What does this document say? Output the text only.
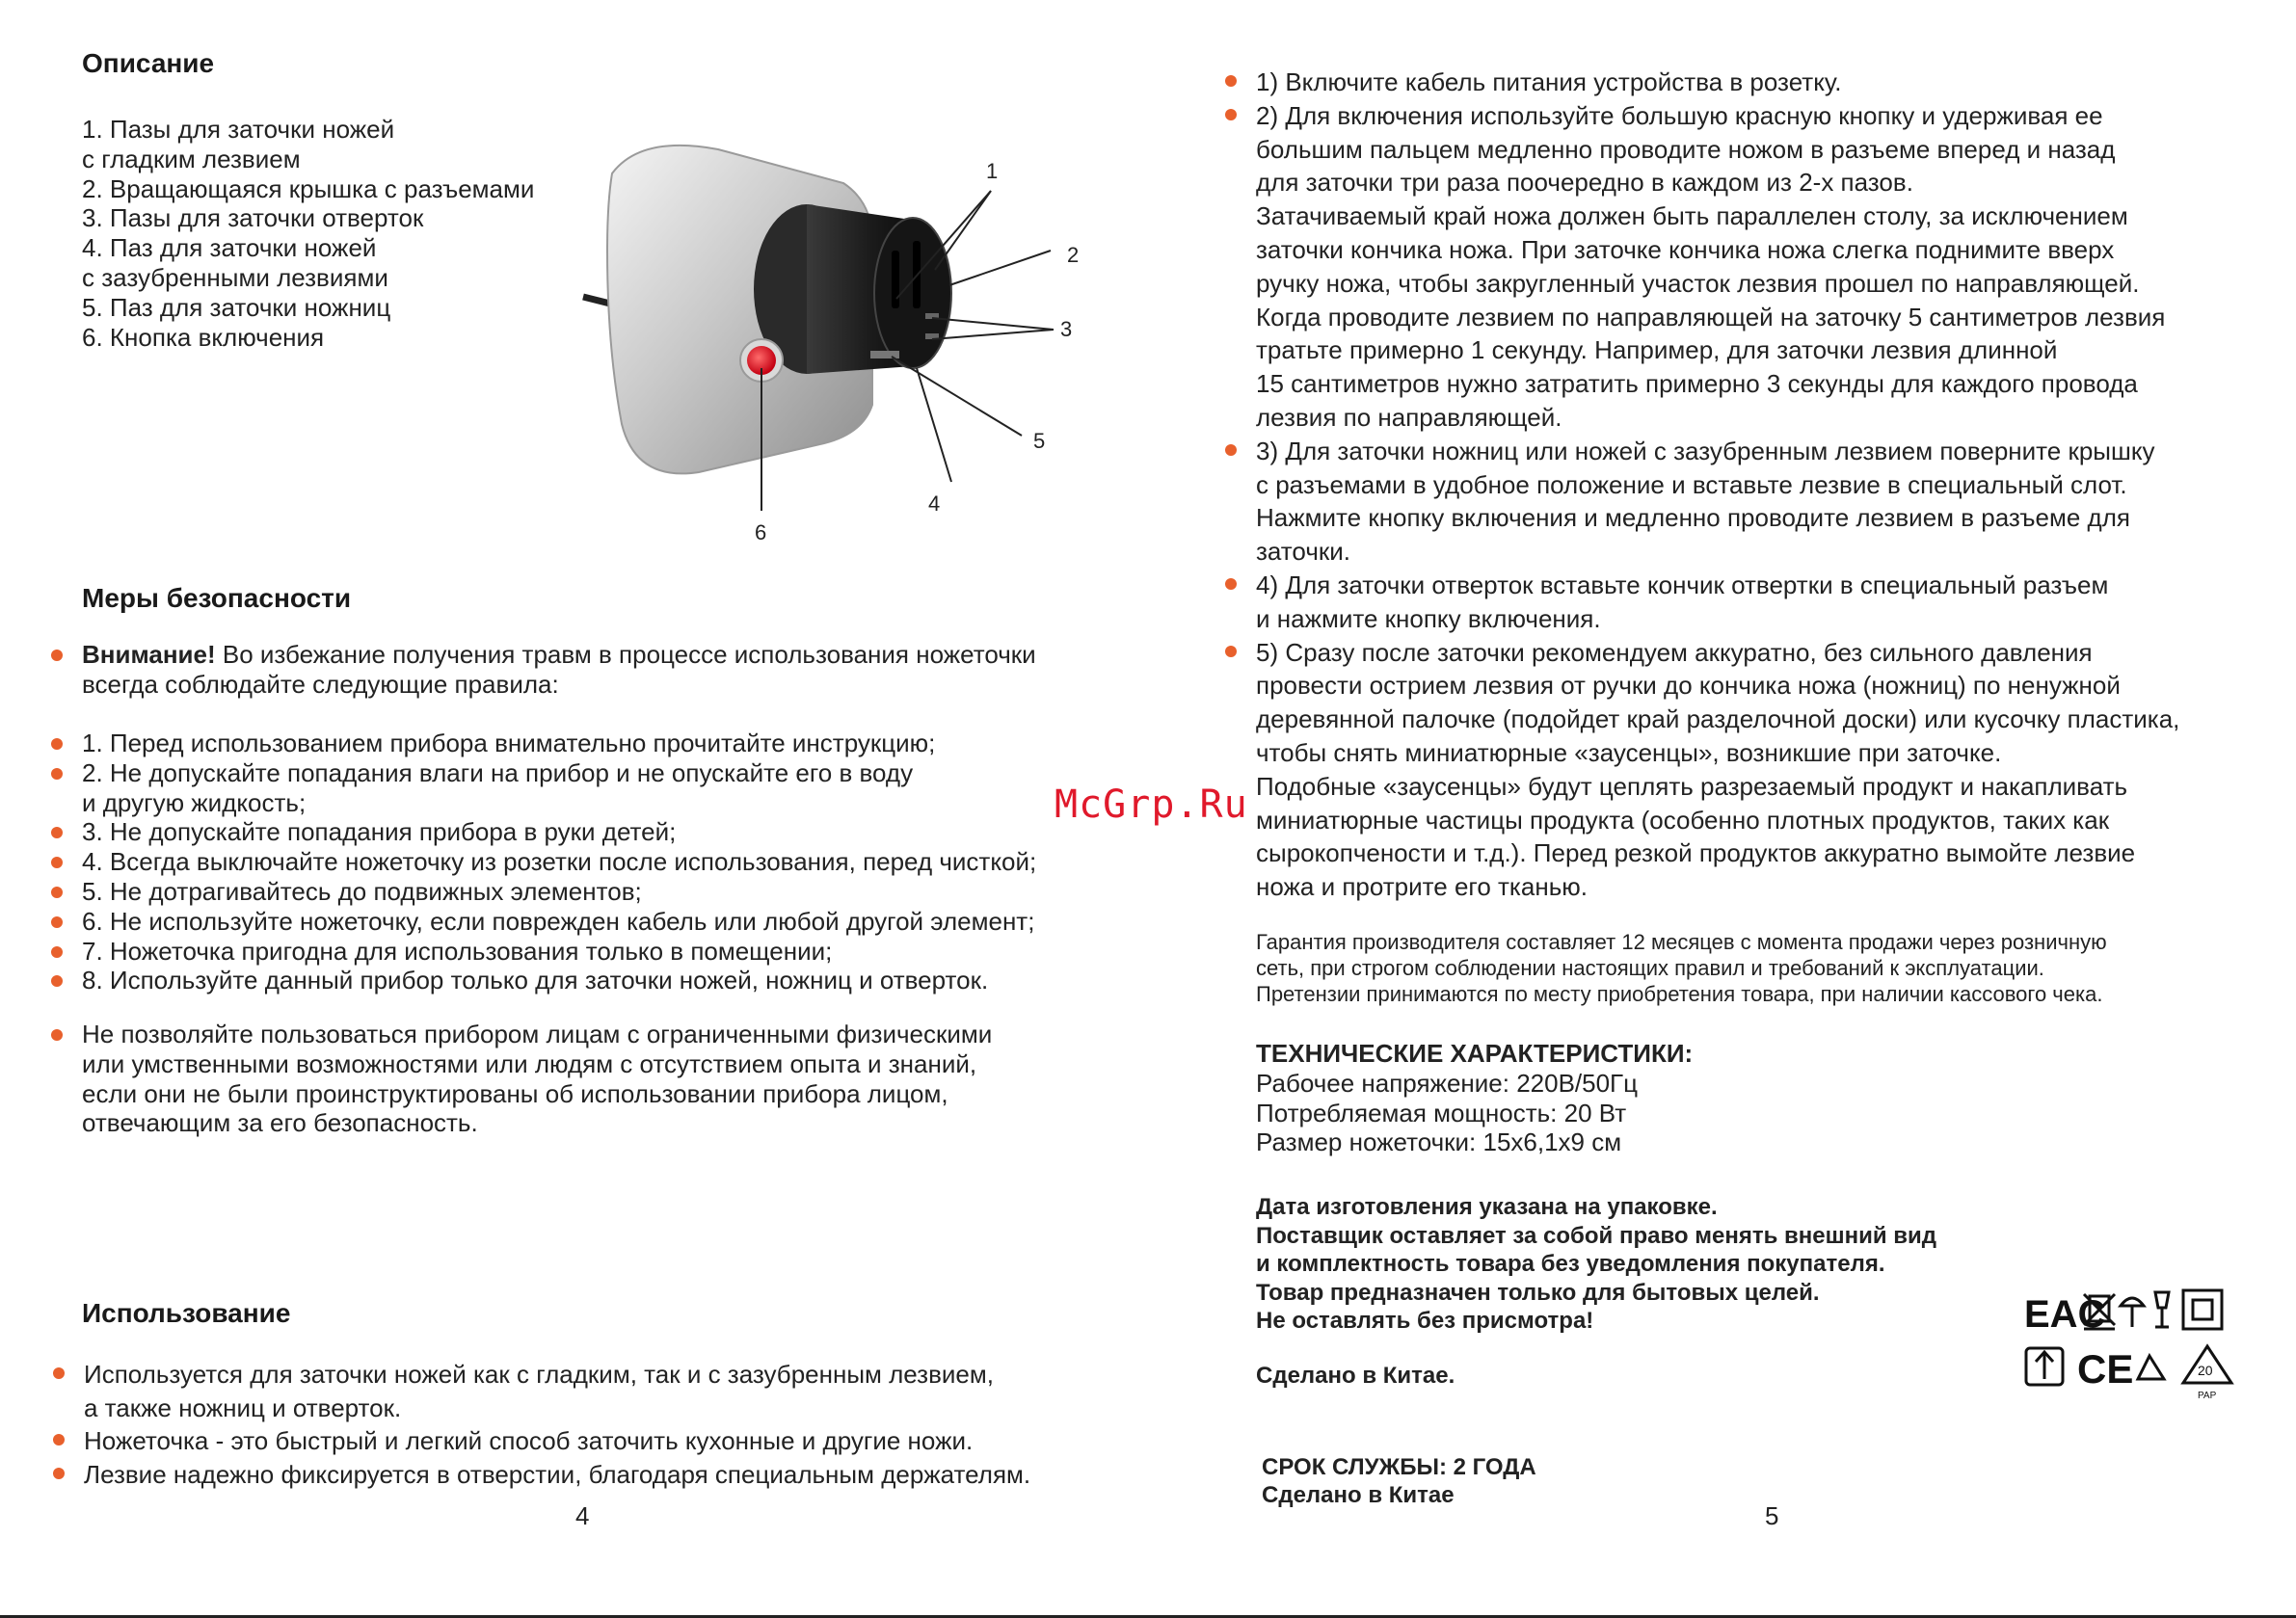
Описание
1. Пазы для заточки ножей
с гладким лезвием
2. Вращающаяся крышка с разъемами
3. Пазы для заточки отверток
4. Паз для заточки ножей
с зазубренными лезвиями
5. Паз для заточки ножниц
6. Кнопка включения
1
2
3
4
5
6
Меры безопасности
Внимание! Во избежание получения травм в процессе использования ножеточки
всегда соблюдайте следующие правила:
1. Перед использованием прибора внимательно прочитайте инструкцию;
2. Не допускайте попадания влаги на прибор и не опускайте его в воду
и другую жидкость;
3. Не допускайте попадания прибора в руки детей;
4. Всегда выключайте ножеточку из розетки после использования, перед чисткой;
5. Не дотрагивайтесь до подвижных элементов;
6. Не используйте ножеточку, если поврежден кабель или любой другой элемент;
7. Ножеточка пригодна для использования только в помещении;
8. Используйте данный прибор только для заточки ножей, ножниц и отверток.
Не позволяйте пользоваться прибором лицам с ограниченными физическими
или умственными возможностями или людям с отсутствием опыта и знаний,
если они не были проинструктированы об использовании прибора лицом,
отвечающим за его безопасность.
Использование
Используется для заточки ножей как с гладким, так и с зазубренным лезвием,
а также ножниц и отверток.
Ножеточка - это быстрый и легкий способ заточить кухонные и другие ножи.
Лезвие надежно фиксируется в отверстии, благодаря специальным держателям.
4
1) Включите кабель питания устройства в розетку.
2) Для включения используйте большую красную кнопку и удерживая ее
большим пальцем медленно проводите ножом в разъеме вперед и назад
для заточки три раза поочередно в каждом из 2-х пазов.
Затачиваемый край ножа должен быть параллелен столу, за исключением
заточки кончика ножа. При заточке кончика ножа слегка поднимите вверх
ручку ножа, чтобы закругленный участок лезвия прошел по направляющей.
Когда проводите лезвием по направляющей на заточку 5 сантиметров лезвия
тратьте примерно 1 секунду. Например, для заточки лезвия длинной
15 сантиметров нужно затратить примерно 3 секунды для каждого провода
лезвия по направляющей.
3) Для заточки ножниц или ножей с зазубренным лезвием поверните крышку
с разъемами в удобное положение и вставьте лезвие в специальный слот.
Нажмите кнопку включения и медленно проводите лезвием в разъеме для
заточки.
4) Для заточки отверток вставьте кончик отвертки в специальный разъем
и нажмите кнопку включения.
5) Сразу после заточки рекомендуем аккуратно, без сильного давления
провести острием лезвия от ручки до кончика ножа (ножниц) по ненужной
деревянной палочке (подойдет край разделочной доски) или кусочку пластика,
чтобы снять миниатюрные «заусенцы», возникшие при заточке.
Подобные «заусенцы» будут цеплять разрезаемый продукт и накапливать
миниатюрные частицы продукта (особенно плотных продуктов, таких как
сырокопчености и т.д.). Перед резкой продуктов аккуратно вымойте лезвие
ножа и протрите его тканью.
Гарантия производителя составляет 12 месяцев с момента продажи через розничную
сеть, при строгом соблюдении настоящих правил и требований к эксплуатации.
Претензии принимаются по месту приобретения товара, при наличии кассового чека.
ТЕХНИЧЕСКИЕ ХАРАКТЕРИСТИКИ:
Рабочее напряжение: 220В/50Гц
Потребляемая мощность: 20 Вт
Размер ножеточки: 15х6,1х9 см
Дата изготовления указана на упаковке.
Поставщик оставляет за собой право менять внешний вид
и комплектность товара без уведомления покупателя.
Товар предназначен только для бытовых целей.
Не оставлять без присмотра!
Сделано в Китае.
СРОК СЛУЖБЫ: 2 ГОДА
Сделано в Китае
5
EAC
CE	20
PAP
McGrp.Ru
